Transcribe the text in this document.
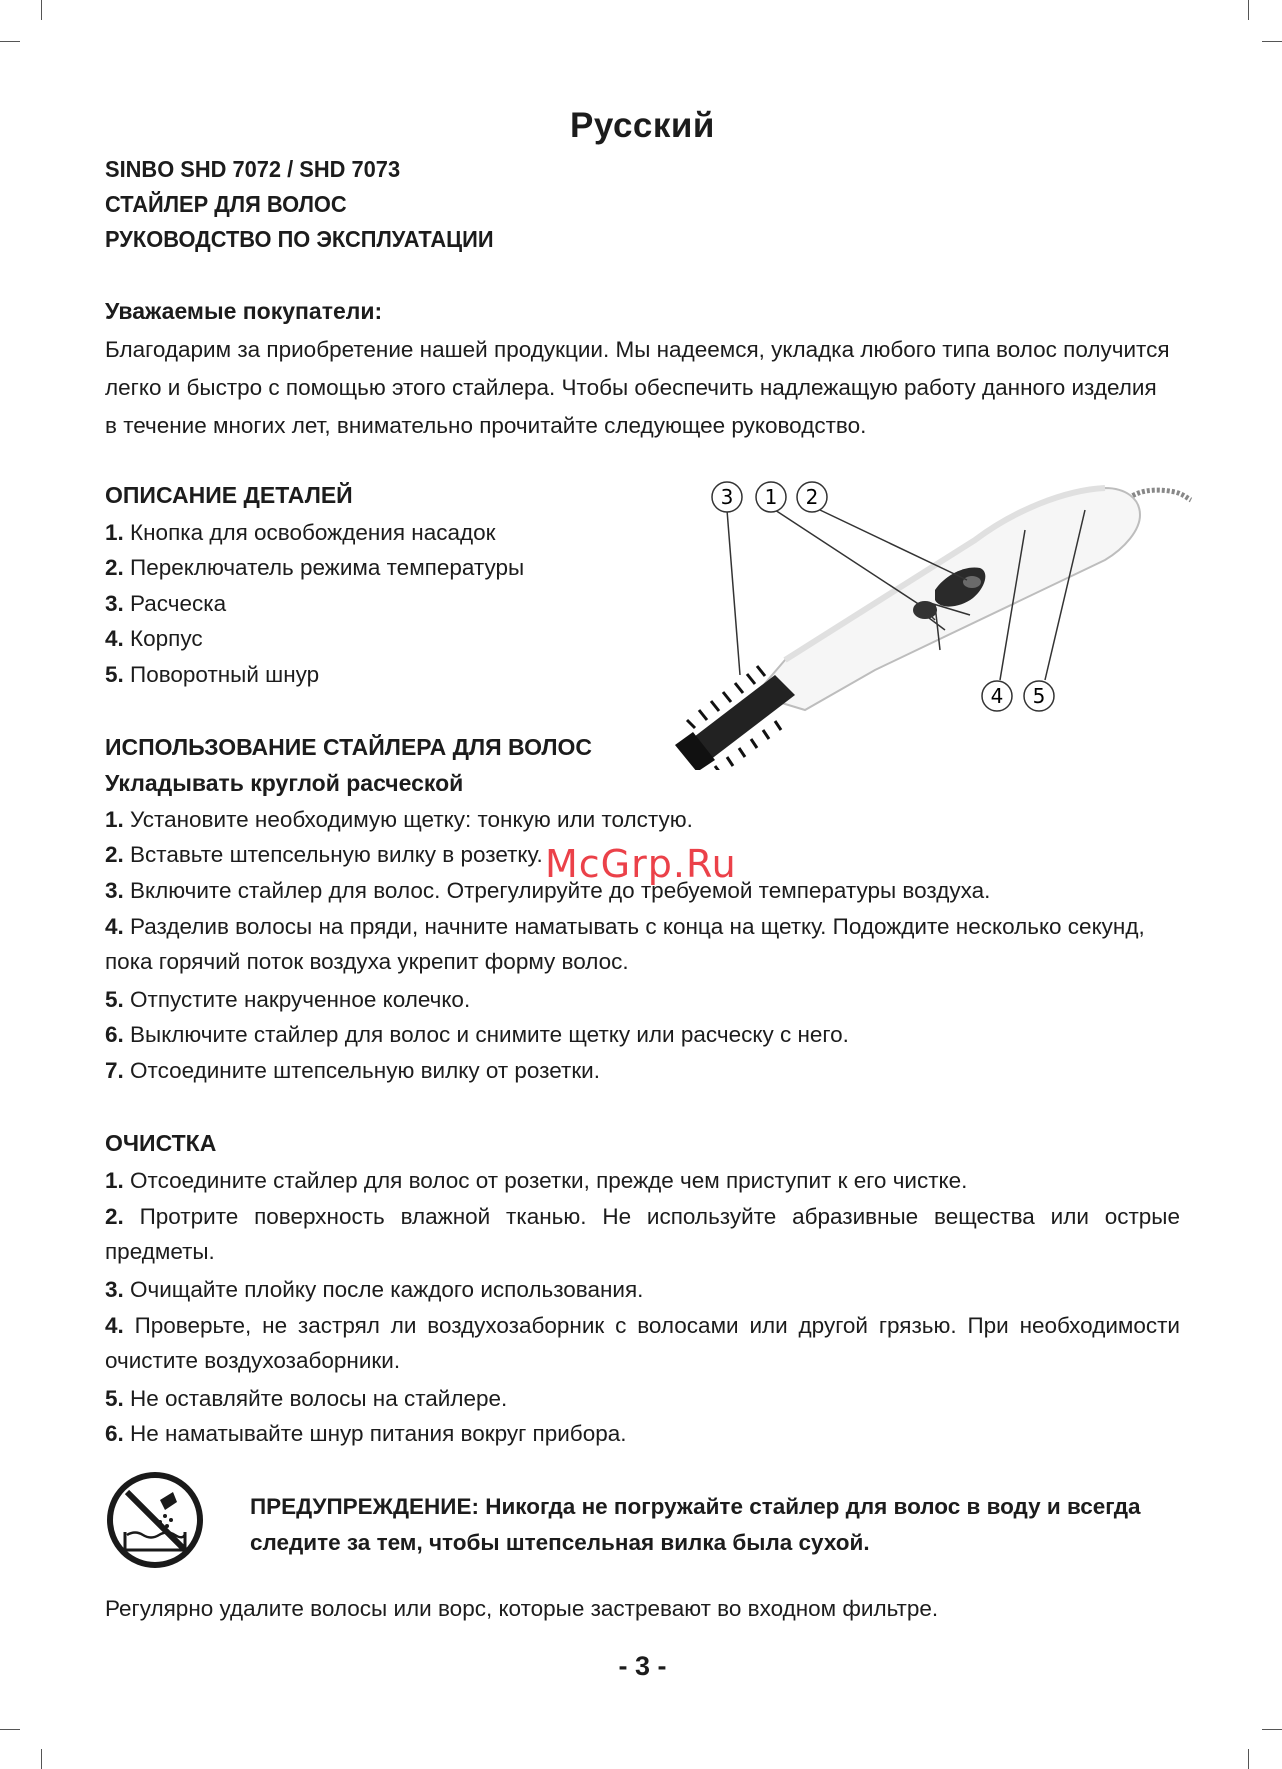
Русский
SINBO SHD 7072 / SHD 7073
СТАЙЛЕР ДЛЯ ВОЛОС
РУКОВОДСТВО ПО ЭКСПЛУАТАЦИИ
Уважаемые покупатели:
Благодарим за приобретение нашей продукции. Мы надеемся, укладка любого типа волос получится
легко и быстро с помощью этого стайлера. Чтобы обеспечить надлежащую работу данного изделия
в течение многих лет, внимательно прочитайте следующее руководство.
ОПИСАНИЕ ДЕТАЛЕЙ
1. Кнопка для освобождения насадок
2. Переключатель режима температуры
3. Расческа
4. Корпус
5. Поворотный шнур
3 1 2
4 5
ИСПОЛЬЗОВАНИЕ СТАЙЛЕРА ДЛЯ ВОЛОС
Укладывать круглой расческой
1. Установите необходимую щетку: тонкую или толстую.
2. Вставьте штепсельную вилку в розетку.
3. Включите стайлер для волос. Отрегулируйте до требуемой температуры воздуха.
4. Разделив волосы на пряди, начните наматывать с конца на щетку. Подождите несколько секунд, пока горячий поток воздуха укрепит форму волос.
5. Отпустите накрученное колечко.
6. Выключите стайлер для волос и снимите щетку или расческу с него.
7. Отсоедините штепсельную вилку от розетки.
McGrp.Ru
ОЧИСТКА
1. Отсоедините стайлер для волос от розетки, прежде чем приступит к его чистке.
2. Протрите поверхность влажной тканью. Не используйте абразивные вещества или острые предметы.
3. Очищайте плойку после каждого использования.
4. Проверьте, не застрял ли воздухозаборник с волосами или другой грязью. При необходимости очистите воздухозаборники.
5. Не оставляйте волосы на стайлере.
6. Не наматывайте шнур питания вокруг прибора.
ПРЕДУПРЕЖДЕНИЕ: Никогда не погружайте стайлер для волос в воду и всегда следите за тем, чтобы штепсельная вилка была сухой.
Регулярно удалите волосы или ворс, которые застревают во входном фильтре.
- 3 -
